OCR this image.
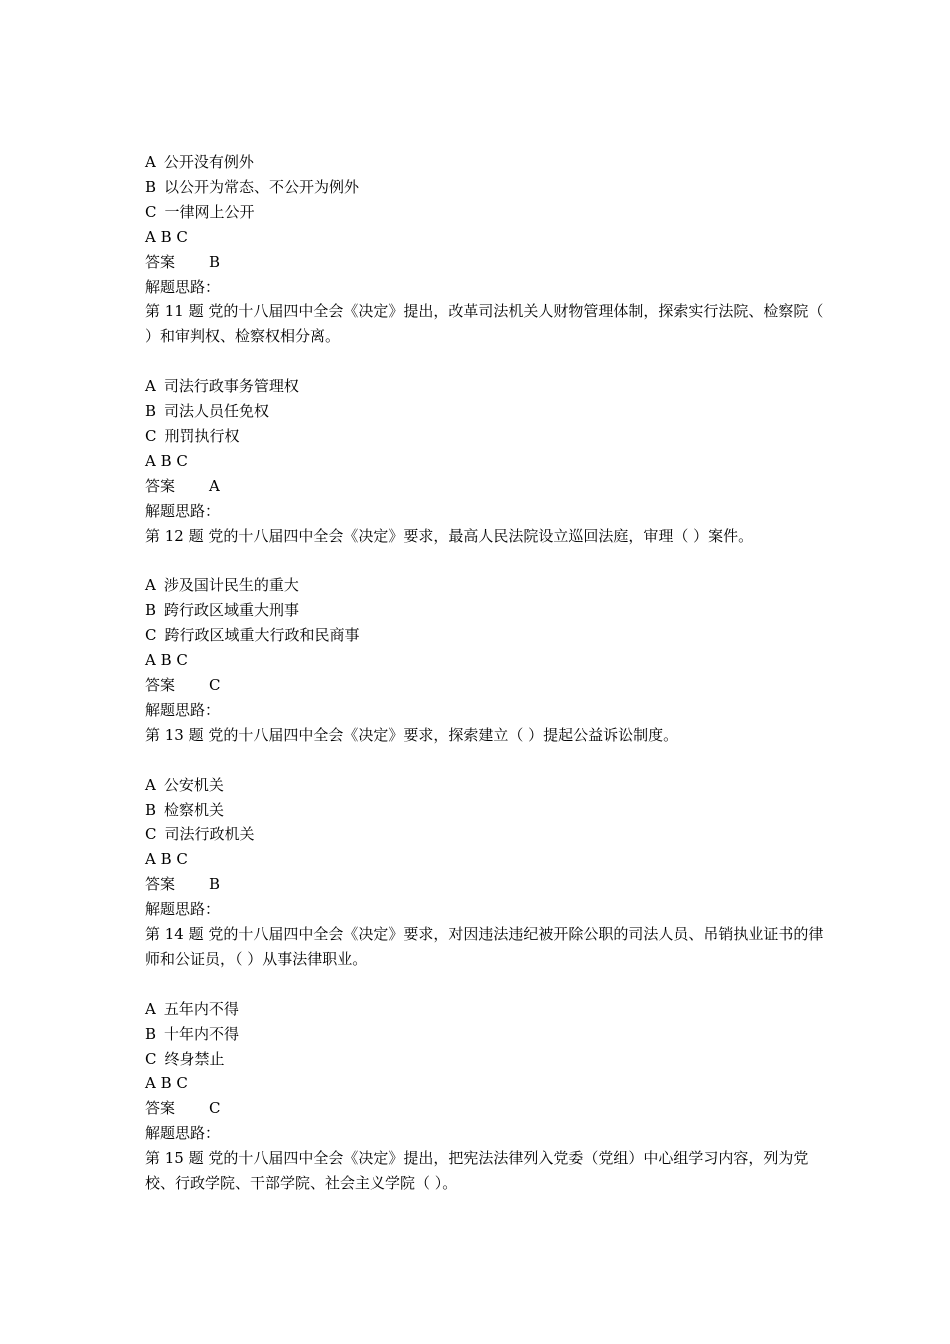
A 公开没有例外
B 以公开为常态、不公开为例外
C 一律网上公开
A B C
答案 B
解题思路：
第 11 题 党的十八届四中全会《决定》提出，改革司法机关人财物管理体制，探索实行法院、检察院（ ）和审判权、检察权相分离。
A 司法行政事务管理权
B 司法人员任免权
C 刑罚执行权
A B C
答案 A
解题思路：
第 12 题 党的十八届四中全会《决定》要求，最高人民法院设立巡回法庭，审理（ ）案件。
A 涉及国计民生的重大
B 跨行政区域重大刑事
C 跨行政区域重大行政和民商事
A B C
答案 C
解题思路：
第 13 题 党的十八届四中全会《决定》要求，探索建立（ ）提起公益诉讼制度。
A 公安机关
B 检察机关
C 司法行政机关
A B C
答案 B
解题思路：
第 14 题 党的十八届四中全会《决定》要求，对因违法违纪被开除公职的司法人员、吊销执业证书的律师和公证员，（ ）从事法律职业。
A 五年内不得
B 十年内不得
C 终身禁止
A B C
答案 C
解题思路：
第 15 题 党的十八届四中全会《决定》提出，把宪法法律列入党委（党组）中心组学习内容，列为党校、行政学院、干部学院、社会主义学院（ ）。
